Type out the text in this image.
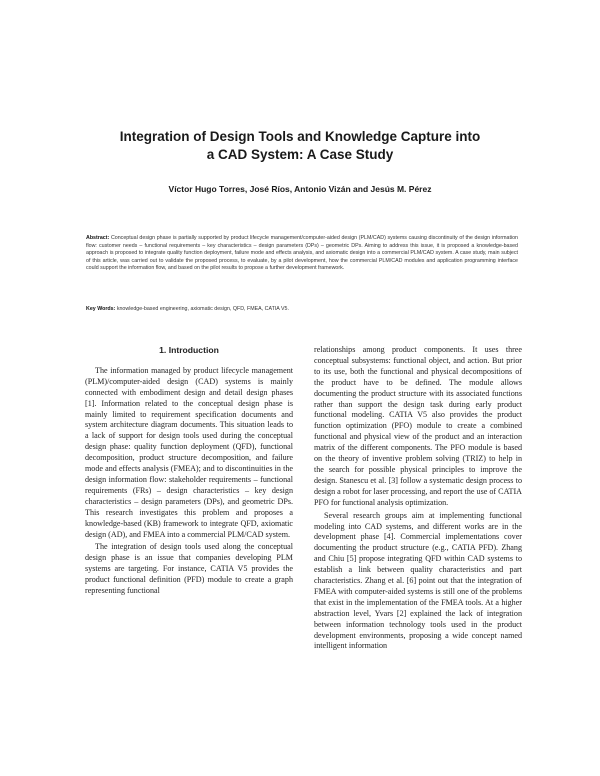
Integration of Design Tools and Knowledge Capture into
a CAD System: A Case Study
Víctor Hugo Torres, José Ríos, Antonio Vizán and Jesús M. Pérez
Abstract: Conceptual design phase is partially supported by product lifecycle management/computer-aided design (PLM/CAD) systems causing discontinuity of the design information flow: customer needs – functional requirements – key characteristics – design parameters (DPs) – geometric DPs. Aiming to address this issue, it is proposed a knowledge-based approach is proposed to integrate quality function deployment, failure mode and effects analysis, and axiomatic design into a commercial PLM/CAD system. A case study, main subject of this article, was carried out to validate the proposed process, to evaluate, by a pilot development, how the commercial PLM/CAD modules and application programming interface could support the information flow, and based on the pilot results to propose a further development framework.
Key Words: knowledge-based engineering, axiomatic design, QFD, FMEA, CATIA V5.
1. Introduction

The information managed by product lifecycle management (PLM)/computer-aided design (CAD) systems is mainly connected with embodiment design and detail design phases [1]. Information related to the conceptual design phase is mainly limited to requirement specification documents and system architecture diagram documents. This situation leads to a lack of support for design tools used during the conceptual design phase: quality function deployment (QFD), functional decomposition, product structure decomposition, and failure mode and effects analysis (FMEA); and to discontinuities in the design information flow: stakeholder requirements – functional requirements (FRs) – design characteristics – key design characteristics – design parameters (DPs), and geometric DPs. This research investigates this problem and proposes a knowledge-based (KB) framework to integrate QFD, axiomatic design (AD), and FMEA into a commercial PLM/CAD system.

The integration of design tools used along the conceptual design phase is an issue that companies developing PLM systems are targeting. For instance, CATIA V5 provides the product functional definition (PFD) module to create a graph representing functional

relationships among product components. It uses three conceptual subsystems: functional object, and action. But prior to its use, both the functional and physical decompositions of the product have to be defined. The module allows documenting the product structure with its associated functions rather than support the design task during early product functional modeling. CATIA V5 also provides the product function optimization (PFO) module to create a combined functional and physical view of the product and an interaction matrix of the different components. The PFO module is based on the theory of inventive problem solving (TRIZ) to help in the search for possible physical principles to improve the design. Stanescu et al. [3] follow a systematic design process to design a robot for laser processing, and report the use of CATIA PFO for functional analysis optimization.

Several research groups aim at implementing functional modeling into CAD systems, and different works are in the development phase [4]. Commercial implementations cover documenting the product structure (e.g., CATIA PFD). Zhang and Chiu [5] propose integrating QFD within CAD systems to establish a link between quality characteristics and part characteristics. Zhang et al. [6] point out that the integration of FMEA with computer-aided systems is still one of the problems that exist in the implementation of the FMEA tools. At a higher abstraction level, Yvars [2] explained the lack of integration between information technology tools used in the product development environments, proposing a wide concept named intelligent information
